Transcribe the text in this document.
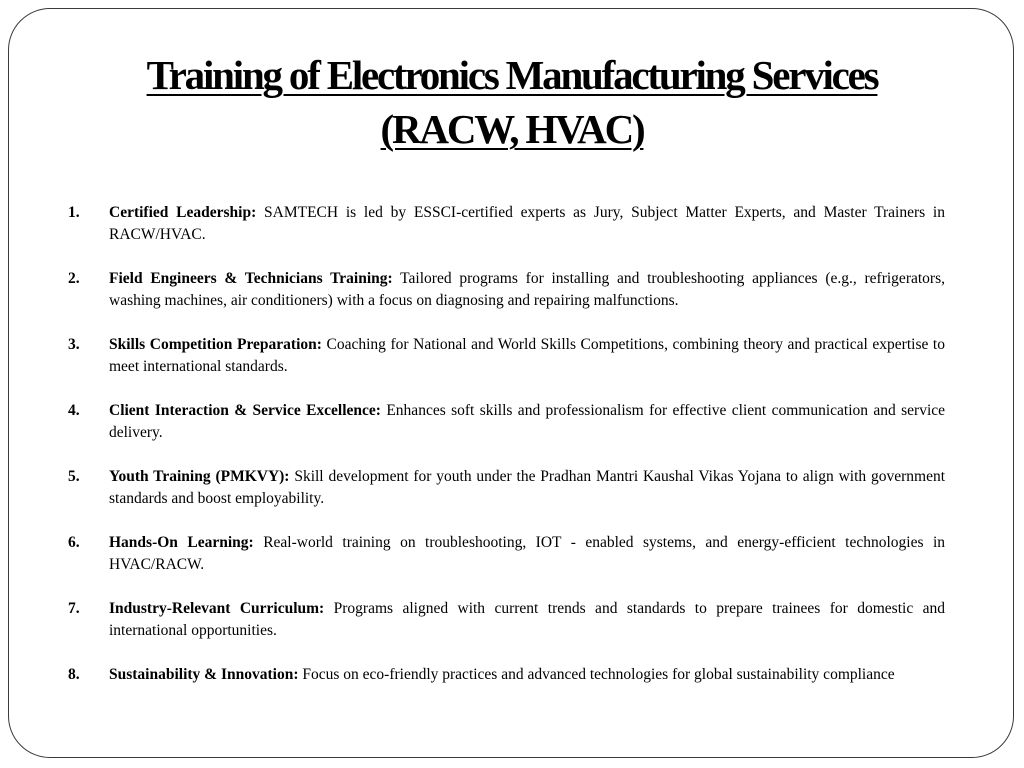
Training of Electronics Manufacturing Services
(RACW, HVAC)
1. Certified Leadership: SAMTECH is led by ESSCI-certified experts as Jury, Subject Matter Experts, and Master Trainers in RACW/HVAC.
2. Field Engineers & Technicians Training: Tailored programs for installing and troubleshooting appliances (e.g., refrigerators, washing machines, air conditioners) with a focus on diagnosing and repairing malfunctions.
3. Skills Competition Preparation: Coaching for National and World Skills Competitions, combining theory and practical expertise to meet international standards.
4. Client Interaction & Service Excellence: Enhances soft skills and professionalism for effective client communication and service delivery.
5. Youth Training (PMKVY): Skill development for youth under the Pradhan Mantri Kaushal Vikas Yojana to align with government standards and boost employability.
6. Hands-On Learning: Real-world training on troubleshooting, IOT - enabled systems, and energy-efficient technologies in HVAC/RACW.
7. Industry-Relevant Curriculum: Programs aligned with current trends and standards to prepare trainees for domestic and international opportunities.
8. Sustainability & Innovation: Focus on eco-friendly practices and advanced technologies for global sustainability compliance
